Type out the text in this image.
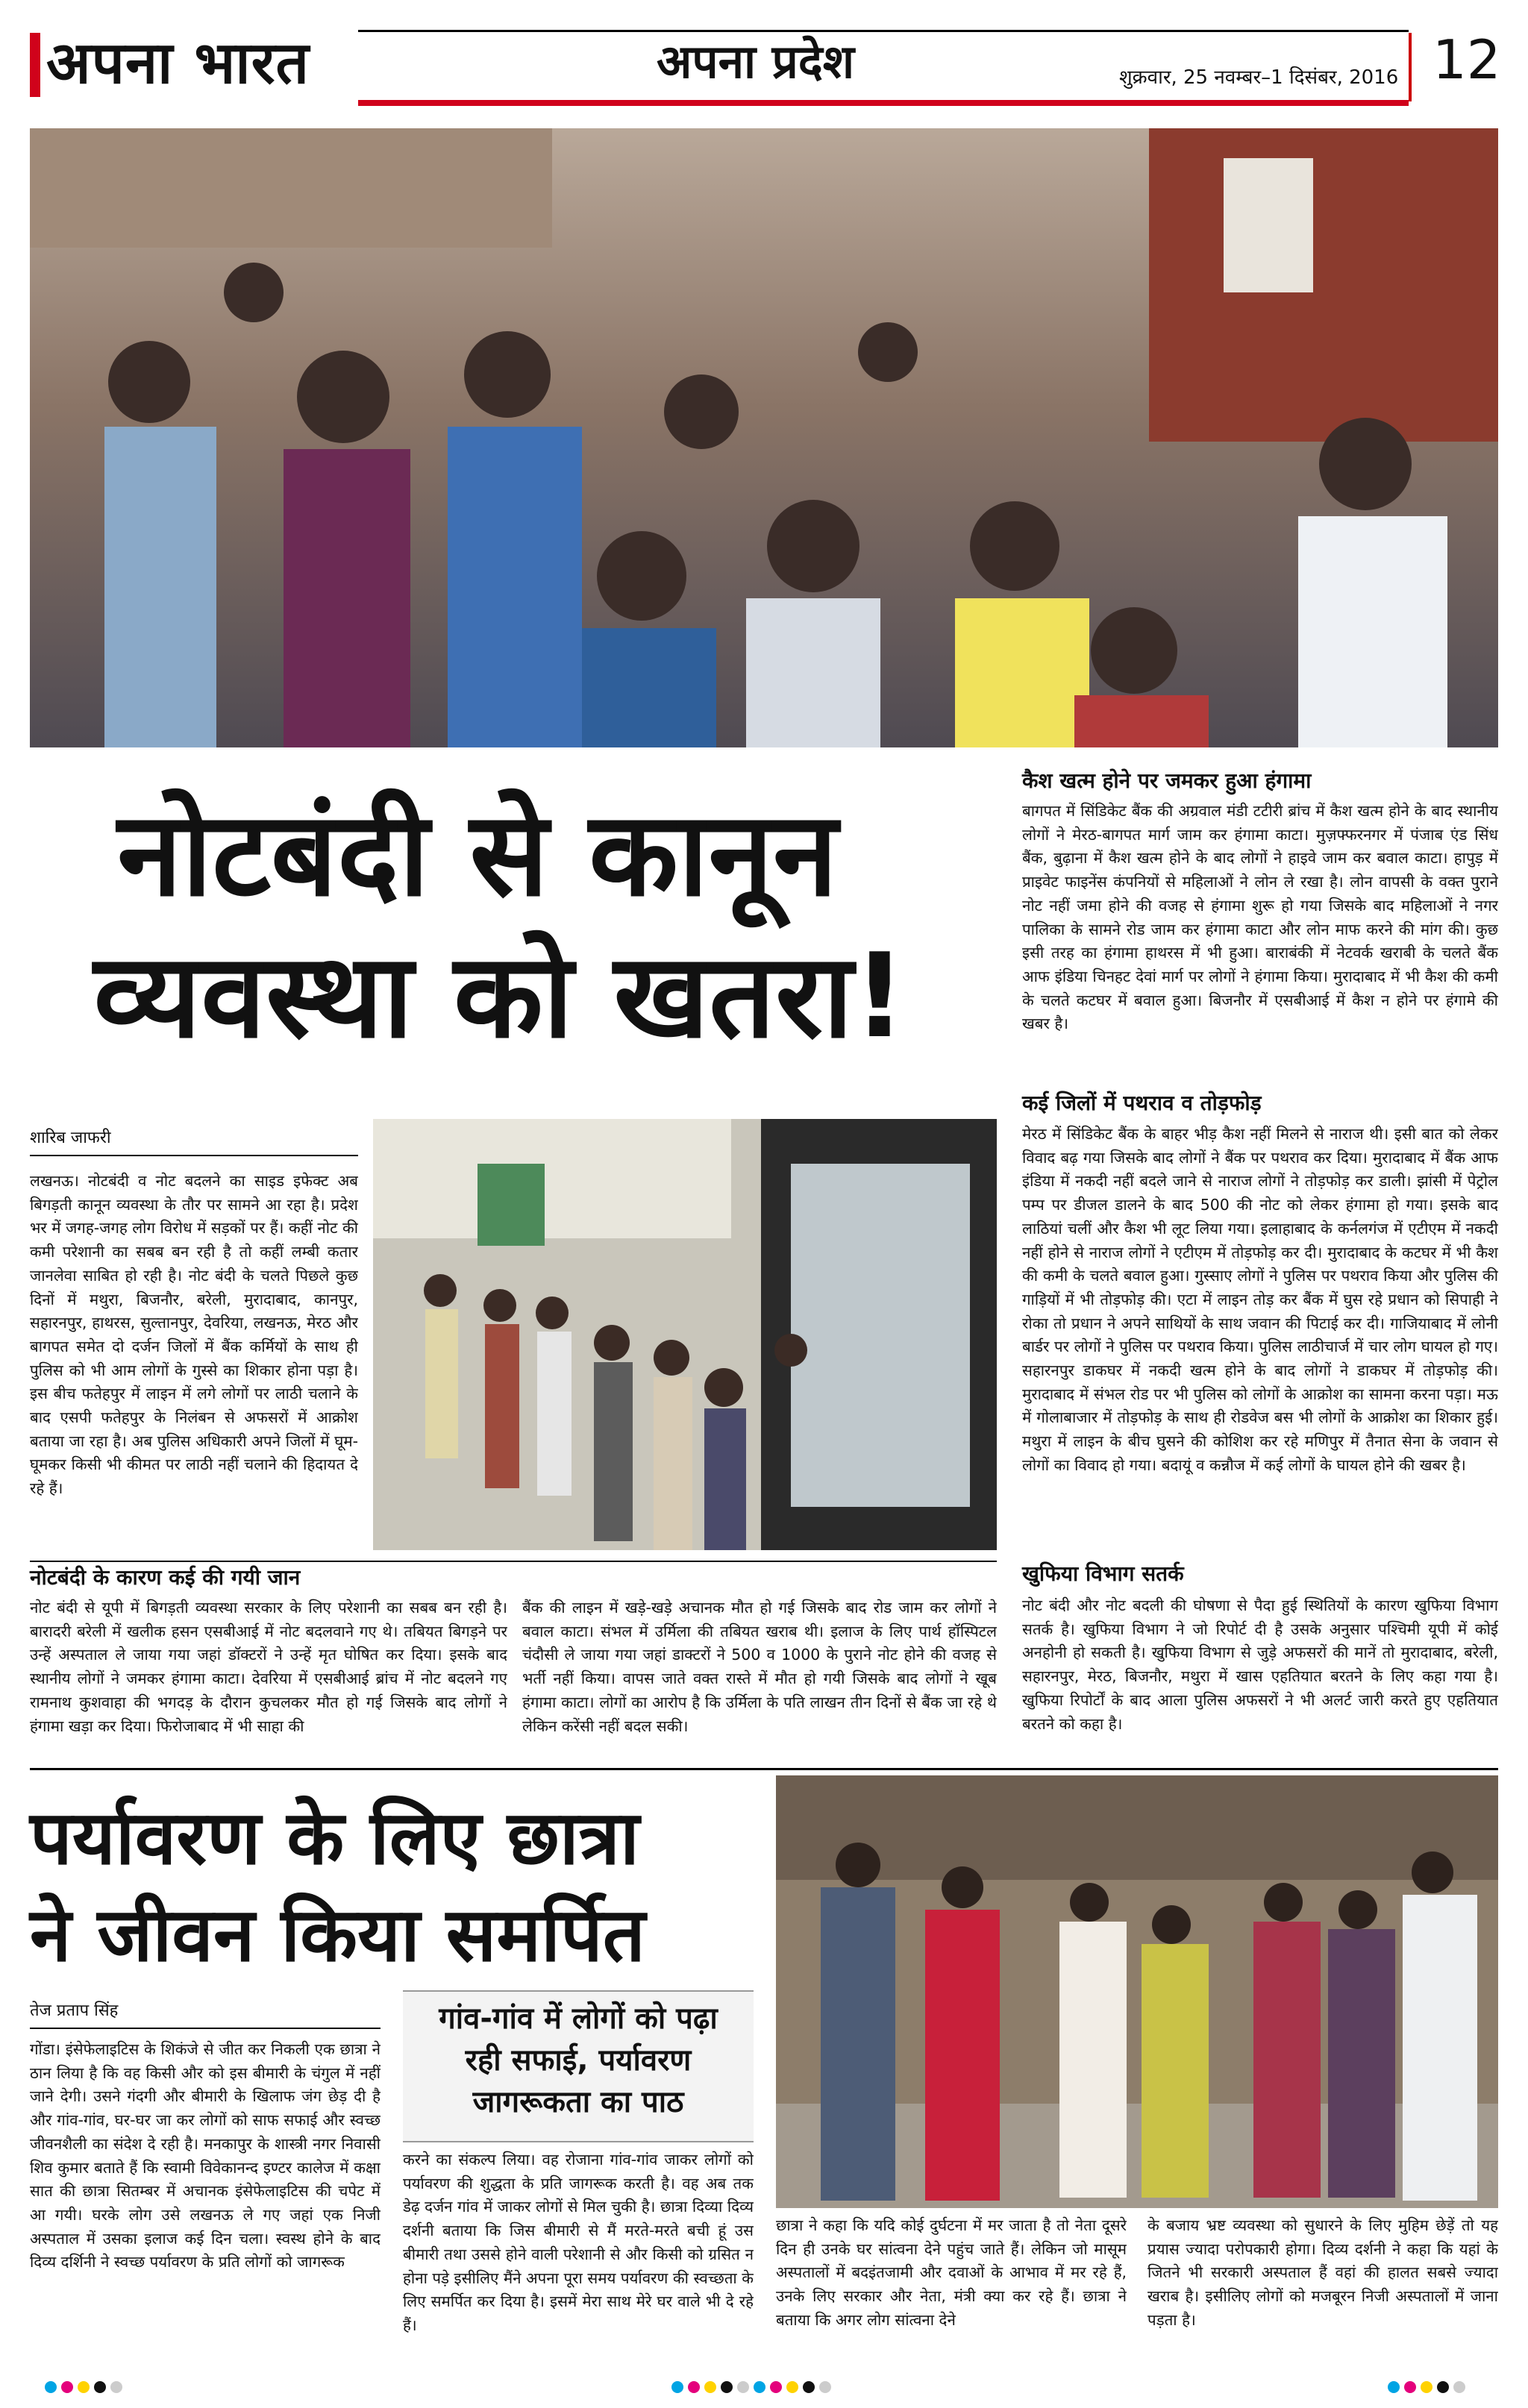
अपना भारत	अपना प्रदेश	शुक्रवार, 25 नवम्बर–1 दिसंबर, 2016 12
नोटबंदी से कानून
व्यवस्था को खतरा!
कैश खत्म होने पर जमकर हुआ हंगामा
बागपत में सिंडिकेट बैंक की अग्रवाल मंडी टटीरी ब्रांच में कैश खत्म होने के बाद स्थानीय लोगों ने मेरठ-बागपत मार्ग जाम कर हंगामा काटा। मुज़फ्फरनगर में पंजाब एंड सिंध बैंक, बुढ़ाना में कैश खत्म होने के बाद लोगों ने हाइवे जाम कर बवाल काटा। हापुड़ में प्राइवेट फाइनेंस कंपनियों से महिलाओं ने लोन ले रखा है। लोन वापसी के वक्त पुराने नोट नहीं जमा होने की वजह से हंगामा शुरू हो गया जिसके बाद महिलाओं ने नगर पालिका के सामने रोड जाम कर हंगामा काटा और लोन माफ करने की मांग की। कुछ इसी तरह का हंगामा हाथरस में भी हुआ। बाराबंकी में नेटवर्क खराबी के चलते बैंक आफ इंडिया चिनहट देवां मार्ग पर लोगों ने हंगामा किया। मुरादाबाद में भी कैश की कमी के चलते कटघर में बवाल हुआ। बिजनौर में एसबीआई में कैश न होने पर हंगामे की खबर है।
कई जिलों में पथराव व तोड़फोड़
मेरठ में सिंडिकेट बैंक के बाहर भीड़ कैश नहीं मिलने से नाराज थी। इसी बात को लेकर विवाद बढ़ गया जिसके बाद लोगों ने बैंक पर पथराव कर दिया। मुरादाबाद में बैंक आफ इंडिया में नकदी नहीं बदले जाने से नाराज लोगों ने तोड़फोड़ कर डाली। झांसी में पेट्रोल पम्प पर डीजल डालने के बाद 500 की नोट को लेकर हंगामा हो गया। इसके बाद लाठियां चलीं और कैश भी लूट लिया गया। इलाहाबाद के कर्नलगंज में एटीएम में नकदी नहीं होने से नाराज लोगों ने एटीएम में तोड़फोड़ कर दी। मुरादाबाद के कटघर में भी कैश की कमी के चलते बवाल हुआ। गुस्साए लोगों ने पुलिस पर पथराव किया और पुलिस की गाड़ियों में भी तोड़फोड़ की। एटा में लाइन तोड़ कर बैंक में घुस रहे प्रधान को सिपाही ने रोका तो प्रधान ने अपने साथियों के साथ जवान की पिटाई कर दी। गाजियाबाद में लोनी बार्डर पर लोगों ने पुलिस पर पथराव किया। पुलिस लाठीचार्ज में चार लोग घायल हो गए। सहारनपुर डाकघर में नकदी खत्म होने के बाद लोगों ने डाकघर में तोड़फोड़ की। मुरादाबाद में संभल रोड पर भी पुलिस को लोगों के आक्रोश का सामना करना पड़ा। मऊ में गोलाबाजार में तोड़फोड़ के साथ ही रोडवेज बस भी लोगों के आक्रोश का शिकार हुई। मथुरा में लाइन के बीच घुसने की कोशिश कर रहे मणिपुर में तैनात सेना के जवान से लोगों का विवाद हो गया। बदायूं व कन्नौज में कई लोगों के घायल होने की खबर है।
खुफिया विभाग सतर्क
नोट बंदी और नोट बदली की घोषणा से पैदा हुई स्थितियों के कारण खुफिया विभाग सतर्क है। खुफिया विभाग ने जो रिपोर्ट दी है उसके अनुसार पश्चिमी यूपी में कोई अनहोनी हो सकती है। खुफिया विभाग से जुड़े अफसरों की मानें तो मुरादाबाद, बरेली, सहारनपुर, मेरठ, बिजनौर, मथुरा में खास एहतियात बरतने के लिए कहा गया है। खुफिया रिपोर्टों के बाद आला पुलिस अफसरों ने भी अलर्ट जारी करते हुए एहतियात बरतने को कहा है।
शारिब जाफरी
लखनऊ। नोटबंदी व नोट बदलने का साइड इफेक्ट अब बिगड़ती कानून व्यवस्था के तौर पर सामने आ रहा है। प्रदेश भर में जगह-जगह लोग विरोध में सड़कों पर हैं। कहीं नोट की कमी परेशानी का सबब बन रही है तो कहीं लम्बी कतार जानलेवा साबित हो रही है। नोट बंदी के चलते पिछले कुछ दिनों में मथुरा, बिजनौर, बरेली, मुरादाबाद, कानपुर, सहारनपुर, हाथरस, सुल्तानपुर, देवरिया, लखनऊ, मेरठ और बागपत समेत दो दर्जन जिलों में बैंक कर्मियों के साथ ही पुलिस को भी आम लोगों के गुस्से का शिकार होना पड़ा है। इस बीच फतेहपुर में लाइन में लगे लोगों पर लाठी चलाने के बाद एसपी फतेहपुर के निलंबन से अफसरों में आक्रोश बताया जा रहा है। अब पुलिस अधिकारी अपने जिलों में घूम-घूमकर किसी भी कीमत पर लाठी नहीं चलाने की हिदायत दे रहे हैं।
नोटबंदी के कारण कई की गयी जान
नोट बंदी से यूपी में बिगड़ती व्यवस्था सरकार के लिए परेशानी का सबब बन रही है। बारादरी बरेली में खलीक हसन एसबीआई में नोट बदलवाने गए थे। तबियत बिगड़ने पर उन्हें अस्पताल ले जाया गया जहां डॉक्टरों ने उन्हें मृत घोषित कर दिया। इसके बाद स्थानीय लोगों ने जमकर हंगामा काटा। देवरिया में एसबीआई ब्रांच में नोट बदलने गए रामनाथ कुशवाहा की भगदड़ के दौरान कुचलकर मौत हो गई जिसके बाद लोगों ने हंगामा खड़ा कर दिया। फिरोजाबाद में भी साहा की
बैंक की लाइन में खड़े-खड़े अचानक मौत हो गई जिसके बाद रोड जाम कर लोगों ने बवाल काटा। संभल में उर्मिला की तबियत खराब थी। इलाज के लिए पार्थ हॉस्पिटल चंदौसी ले जाया गया जहां डाक्टरों ने 500 व 1000 के पुराने नोट होने की वजह से भर्ती नहीं किया। वापस जाते वक्त रास्ते में मौत हो गयी जिसके बाद लोगों ने खूब हंगामा काटा। लोगों का आरोप है कि उर्मिला के पति लाखन तीन दिनों से बैंक जा रहे थे लेकिन करेंसी नहीं बदल सकी।
पर्यावरण के लिए छात्रा
ने जीवन किया समर्पित
तेज प्रताप सिंह	गांव-गांव में लोगों को पढ़ा
रही सफाई, पर्यावरण
जागरूकता का पाठ
गोंडा। इंसेफेलाइटिस के शिकंजे से जीत कर निकली एक छात्रा ने ठान लिया है कि वह किसी और को इस बीमारी के चंगुल में नहीं जाने देगी। उसने गंदगी और बीमारी के खिलाफ जंग छेड़ दी है और गांव-गांव, घर-घर जा कर लोगों को साफ सफाई और स्वच्छ जीवनशैली का संदेश दे रही है। मनकापुर के शास्त्री नगर निवासी शिव कुमार बताते हैं कि स्वामी विवेकानन्द इण्टर कालेज में कक्षा सात की छात्रा सितम्बर में अचानक इंसेफेलाइटिस की चपेट में आ गयी। घरके लोग उसे लखनऊ ले गए जहां एक निजी अस्पताल में उसका इलाज कई दिन चला। स्वस्थ होने के बाद दिव्य दर्शिनी ने स्वच्छ पर्यावरण के प्रति लोगों को जागरूक
करने का संकल्प लिया। वह रोजाना गांव-गांव जाकर लोगों को पर्यावरण की शुद्धता के प्रति जागरूक करती है। वह अब तक डेढ़ दर्जन गांव में जाकर लोगों से मिल चुकी है। छात्रा दिव्या दिव्य दर्शनी बताया कि जिस बीमारी से मैं मरते-मरते बची हूं उस बीमारी तथा उससे होने वाली परेशानी से और किसी को ग्रसित न होना पड़े इसीलिए मैंने अपना पूरा समय पर्यावरण की स्वच्छता के लिए समर्पित कर दिया है। इसमें मेरा साथ मेरे घर वाले भी दे रहे हैं।
छात्रा ने कहा कि यदि कोई दुर्घटना में मर जाता है तो नेता दूसरे दिन ही उनके घर सांत्वना देने पहुंच जाते हैं। लेकिन जो मासूम अस्पतालों में बदइंतजामी और दवाओं के आभाव में मर रहे हैं, उनके लिए सरकार और नेता, मंत्री क्या कर रहे हैं। छात्रा ने बताया कि अगर लोग सांत्वना देने
के बजाय भ्रष्ट व्यवस्था को सुधारने के लिए मुहिम छेड़ें तो यह प्रयास ज्यादा परोपकारी होगा। दिव्य दर्शनी ने कहा कि यहां के जितने भी सरकारी अस्पताल हैं वहां की हालत सबसे ज्यादा खराब है। इसीलिए लोगों को मजबूरन निजी अस्पतालों में जाना पड़ता है।
